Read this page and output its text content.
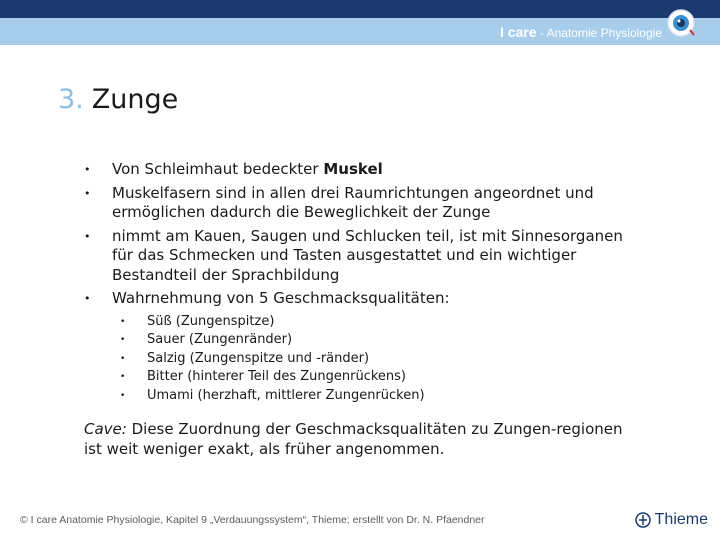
I care - Anatomie Physiologie
3. Zunge
• Von Schleimhaut bedeckter Muskel
• Muskelfasern sind in allen drei Raumrichtungen angeordnet und ermöglichen dadurch die Beweglichkeit der Zunge
• nimmt am Kauen, Saugen und Schlucken teil, ist mit Sinnesorganen für das Schmecken und Tasten ausgestattet und ein wichtiger Bestandteil der Sprachbildung
• Wahrnehmung von 5 Geschmacksqualitäten:
• Süß (Zungenspitze)
• Sauer (Zungenränder)
• Salzig (Zungenspitze und -ränder)
• Bitter (hinterer Teil des Zungenrückens)
• Umami (herzhaft, mittlerer Zungenrücken)
Cave: Diese Zuordnung der Geschmacksqualitäten zu Zungen-regionen ist weit weniger exakt, als früher angenommen.
© I care Anatomie Physiologie, Kapitel 9 „Verdauungssystem“, Thieme; erstellt von Dr. N. Pfaendner	Thieme
